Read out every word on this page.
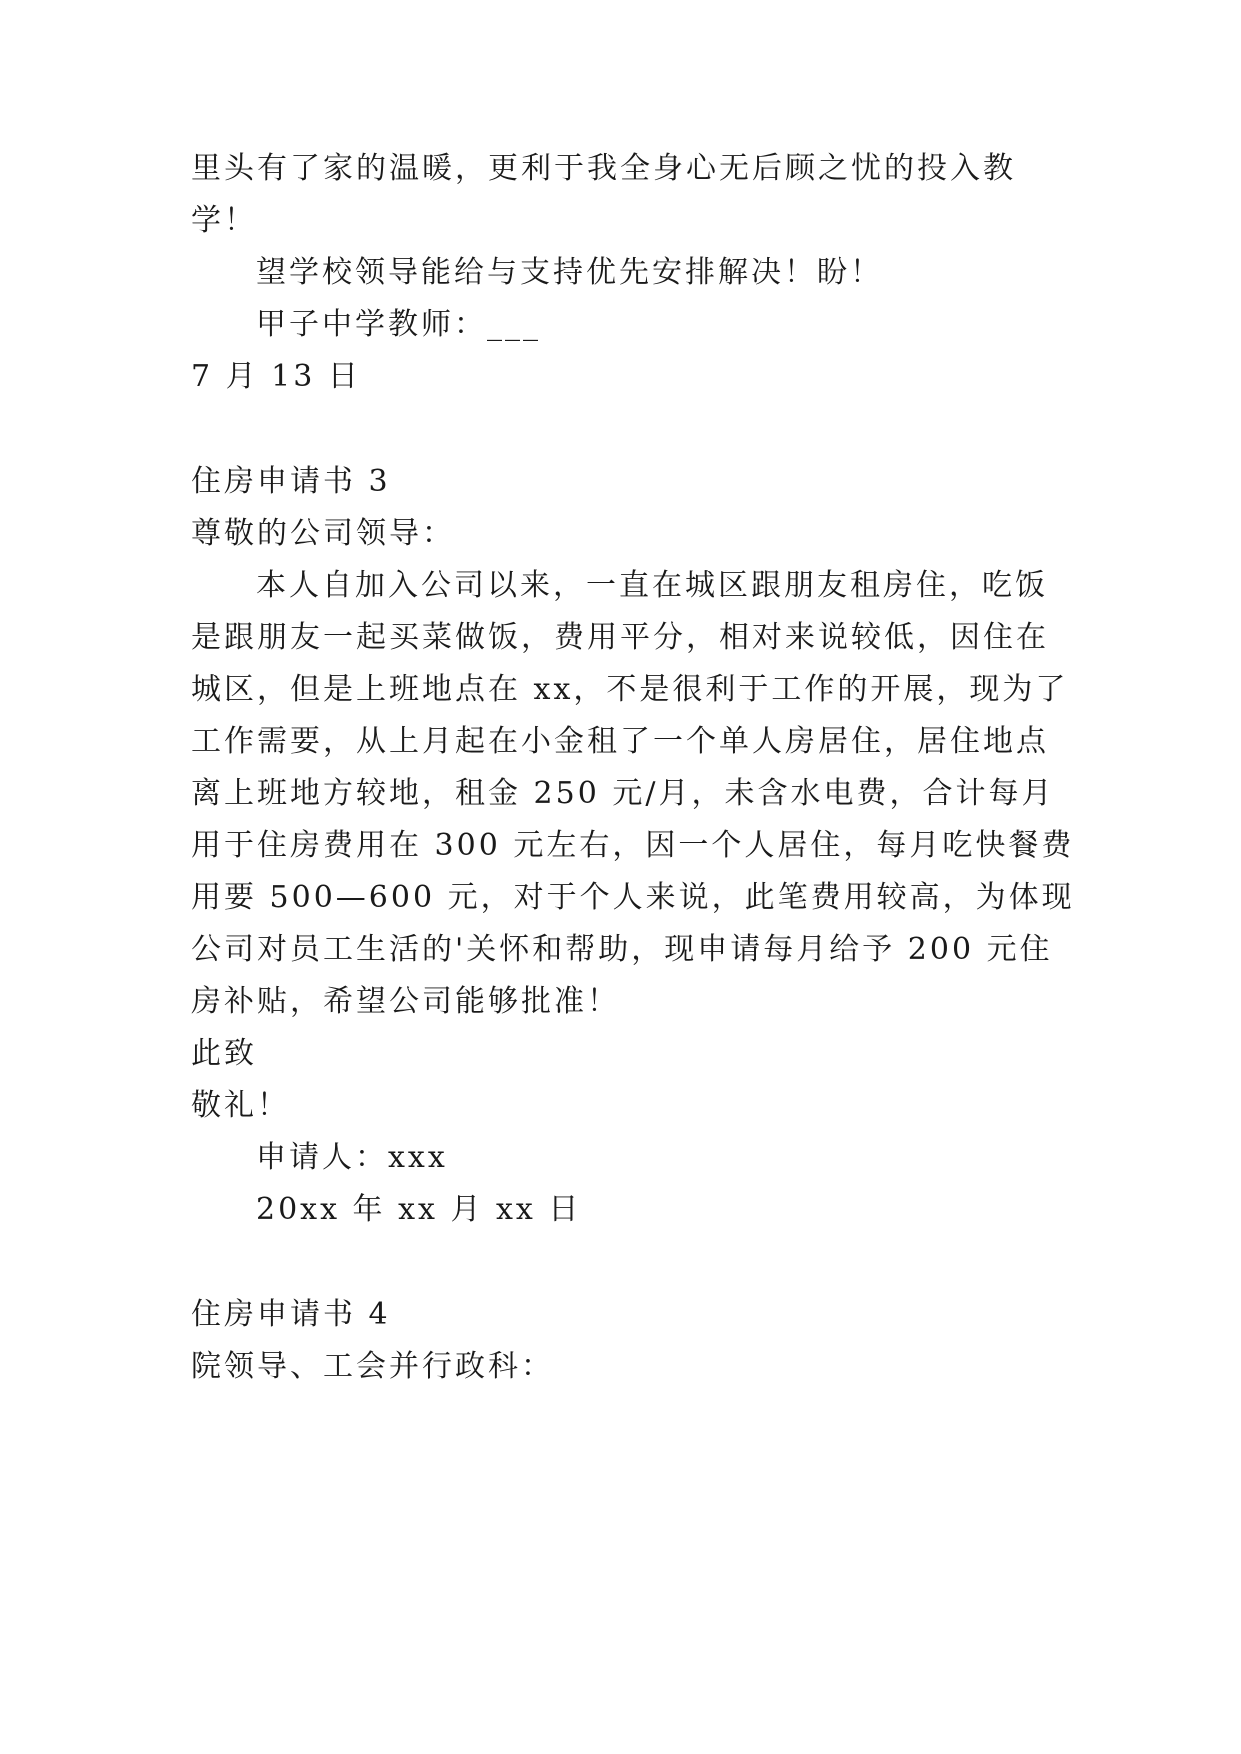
里头有了家的温暖，更利于我全身心无后顾之忧的投入教
学！
望学校领导能给与支持优先安排解决！盼！
甲子中学教师：___
7 月 13 日
住房申请书 3
尊敬的公司领导：
本人自加入公司以来，一直在城区跟朋友租房住，吃饭
是跟朋友一起买菜做饭，费用平分，相对来说较低，因住在
城区，但是上班地点在 xx，不是很利于工作的开展，现为了
工作需要，从上月起在小金租了一个单人房居住，居住地点
离上班地方较地，租金 250 元/月，未含水电费，合计每月
用于住房费用在 300 元左右，因一个人居住，每月吃快餐费
用要 500—600 元，对于个人来说，此笔费用较高，为体现
公司对员工生活的'关怀和帮助，现申请每月给予 200 元住
房补贴，希望公司能够批准！
此致
敬礼！
申请人：xxx
20xx 年 xx 月 xx 日
住房申请书 4
院领导、工会并行政科：
